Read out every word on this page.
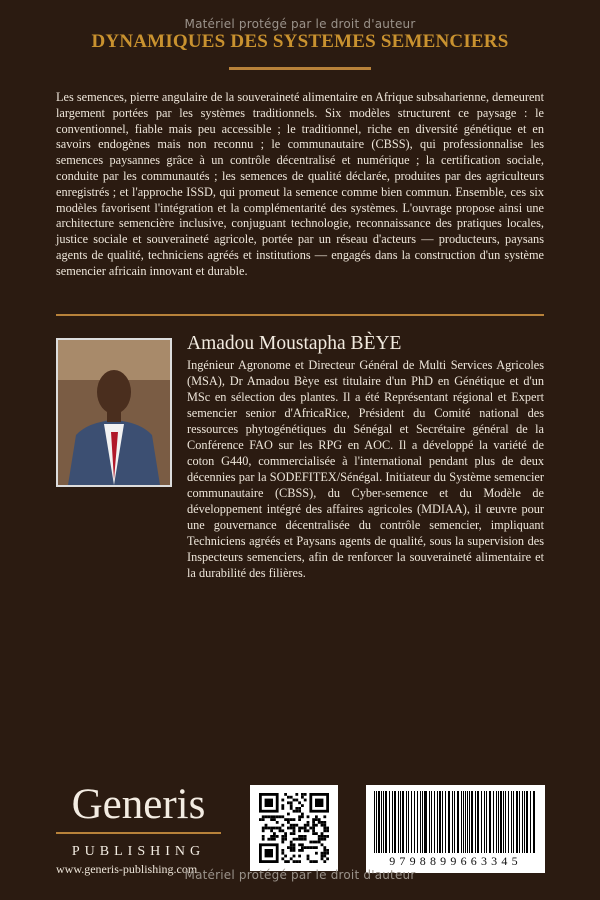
Matériel protégé par le droit d'auteur
DYNAMIQUES DES SYSTEMES SEMENCIERS
Les semences, pierre angulaire de la souveraineté alimentaire en Afrique subsaharienne, demeurent largement portées par les systèmes traditionnels. Six modèles structurent ce paysage : le conventionnel, fiable mais peu accessible ; le traditionnel, riche en diversité génétique et en savoirs endogènes mais non reconnu ; le communautaire (CBSS), qui professionnalise les semences paysannes grâce à un contrôle décentralisé et numérique ; la certification sociale, conduite par les communautés ; les semences de qualité déclarée, produites par des agriculteurs enregistrés ; et l'approche ISSD, qui promeut la semence comme bien commun. Ensemble, ces six modèles favorisent l'intégration et la complémentarité des systèmes. L'ouvrage propose ainsi une architecture semencière inclusive, conjuguant technologie, reconnaissance des pratiques locales, justice sociale et souveraineté agricole, portée par un réseau d'acteurs — producteurs, paysans agents de qualité, techniciens agréés et institutions — engagés dans la construction d'un système semencier africain innovant et durable.
Amadou Moustapha BÈYE
Ingénieur Agronome et Directeur Général de Multi Services Agricoles (MSA), Dr Amadou Bèye est titulaire d'un PhD en Génétique et d'un MSc en sélection des plantes. Il a été Représentant régional et Expert semencier senior d'AfricaRice, Président du Comité national des ressources phytogénétiques du Sénégal et Secrétaire général de la Conférence FAO sur les RPG en AOC. Il a développé la variété de coton G440, commercialisée à l'international pendant plus de deux décennies par la SODEFITEX/Sénégal. Initiateur du Système semencier communautaire (CBSS), du Cyber-semence et du Modèle de développement intégré des affaires agricoles (MDIAA), il œuvre pour une gouvernance décentralisée du contrôle semencier, impliquant Techniciens agréés et Paysans agents de qualité, sous la supervision des Inspecteurs semenciers, afin de renforcer la souveraineté alimentaire et la durabilité des filières.
Generis
PUBLISHING
www.generis-publishing.com
9798899663345
Matériel protégé par le droit d'auteur
